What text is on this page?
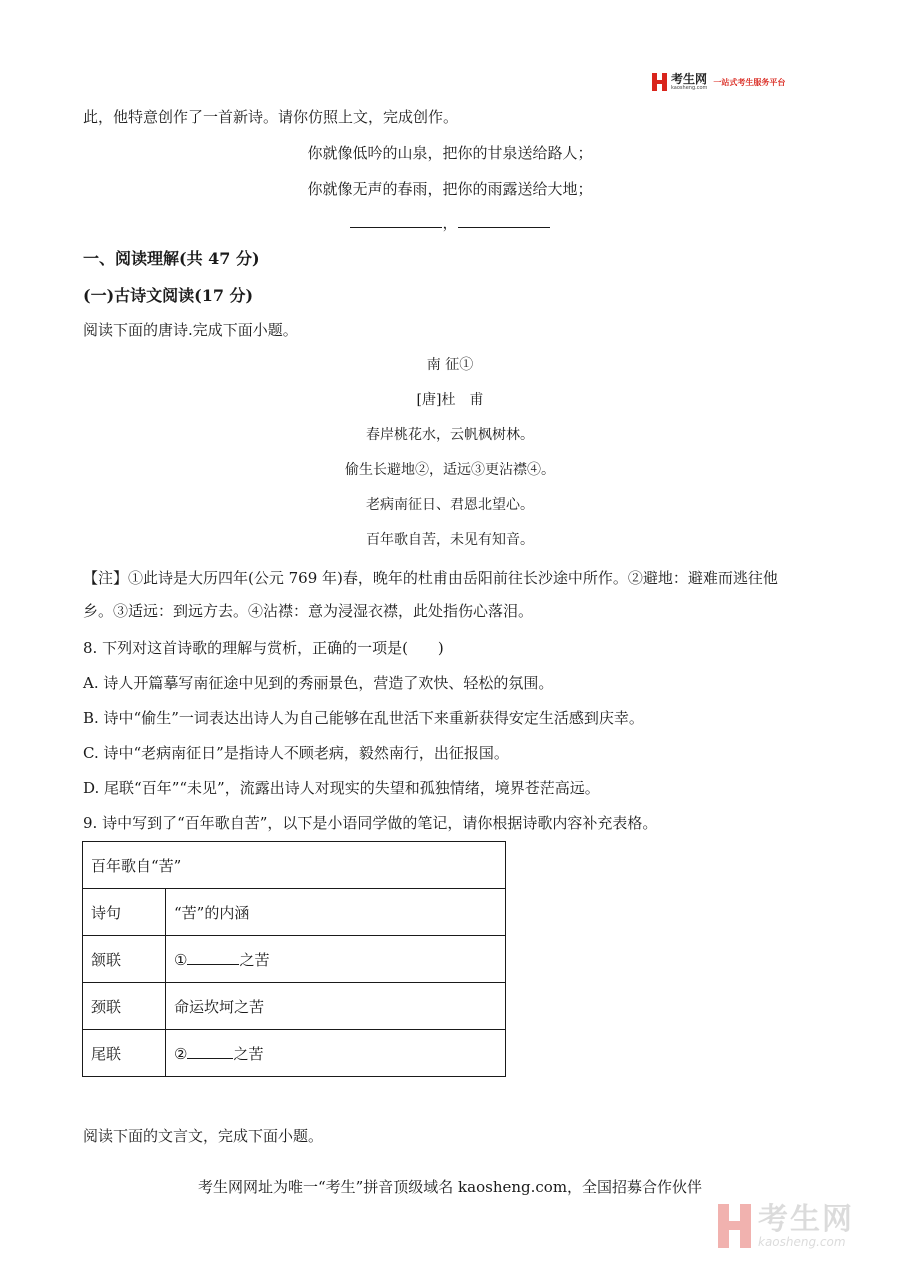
考生网
kaosheng.com
一站式考生服务平台
此，他特意创作了一首新诗。请你仿照上文，完成创作。
你就像低吟的山泉，把你的甘泉送给路人；
你就像无声的春雨，把你的雨露送给大地；
，
一、阅读理解(共 47 分)
(一)古诗文阅读(17 分)
阅读下面的唐诗.完成下面小题。
南 征①
[唐]杜　甫
春岸桃花水，云帆枫树林。
偷生长避地②，适远③更沾襟④。
老病南征日、君恩北望心。
百年歌自苦，未见有知音。
【注】①此诗是大历四年(公元 769 年)春，晚年的杜甫由岳阳前往长沙途中所作。②避地：避难而逃往他
乡。③适远：到远方去。④沾襟：意为浸湿衣襟，此处指伤心落泪。
8. 下列对这首诗歌的理解与赏析，正确的一项是(　　)
A. 诗人开篇摹写南征途中见到的秀丽景色，营造了欢快、轻松的氛围。
B. 诗中“偷生”一词表达出诗人为自己能够在乱世活下来重新获得安定生活感到庆幸。
C. 诗中“老病南征日”是指诗人不顾老病，毅然南行，出征报国。
D. 尾联“百年”“未见”，流露出诗人对现实的失望和孤独情绪，境界苍茫高远。
9. 诗中写到了“百年歌自苦”，以下是小语同学做的笔记，请你根据诗歌内容补充表格。
百年歌自“苦”	
诗句	“苦”的内涵
颔联	① 之苦
颈联	命运坎坷之苦
尾联	② 之苦
阅读下面的文言文，完成下面小题。
考生网网址为唯一“考生”拼音顶级域名 kaosheng.com，全国招募合作伙伴
考生网
kaosheng.com
